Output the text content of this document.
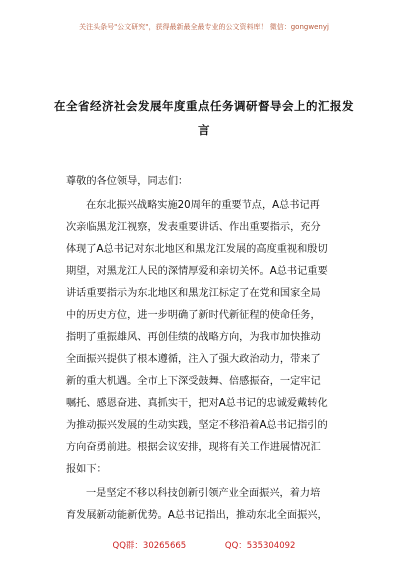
关注头条号"公文研究"，获得最新最全最专业的公文资料库！ 微信：gongwenyj
在全省经济社会发展年度重点任务调研督导会上的汇报发
言
尊敬的各位领导，同志们：
在东北振兴战略实施20周年的重要节点，A总书记再
次亲临黑龙江视察，发表重要讲话、作出重要指示，充分
体现了A总书记对东北地区和黑龙江发展的高度重视和殷切
期望，对黑龙江人民的深情厚爱和亲切关怀。A总书记重要
讲话重要指示为东北地区和黑龙江标定了在党和国家全局
中的历史方位，进一步明确了新时代新征程的使命任务，
指明了重振雄风、再创佳绩的战略方向，为我市加快推动
全面振兴提供了根本遵循，注入了强大政治动力，带来了
新的重大机遇。全市上下深受鼓舞、倍感振奋，一定牢记
嘱托、感恩奋进、真抓实干，把对A总书记的忠诚爱戴转化
为推动振兴发展的生动实践，坚定不移沿着A总书记指引的
方向奋勇前进。根据会议安排，现将有关工作进展情况汇
报如下：
一是坚定不移以科技创新引领产业全面振兴，着力培
育发展新动能新优势。A总书记指出，推动东北全面振兴，
QQ群：30265665	QQ：535304092
